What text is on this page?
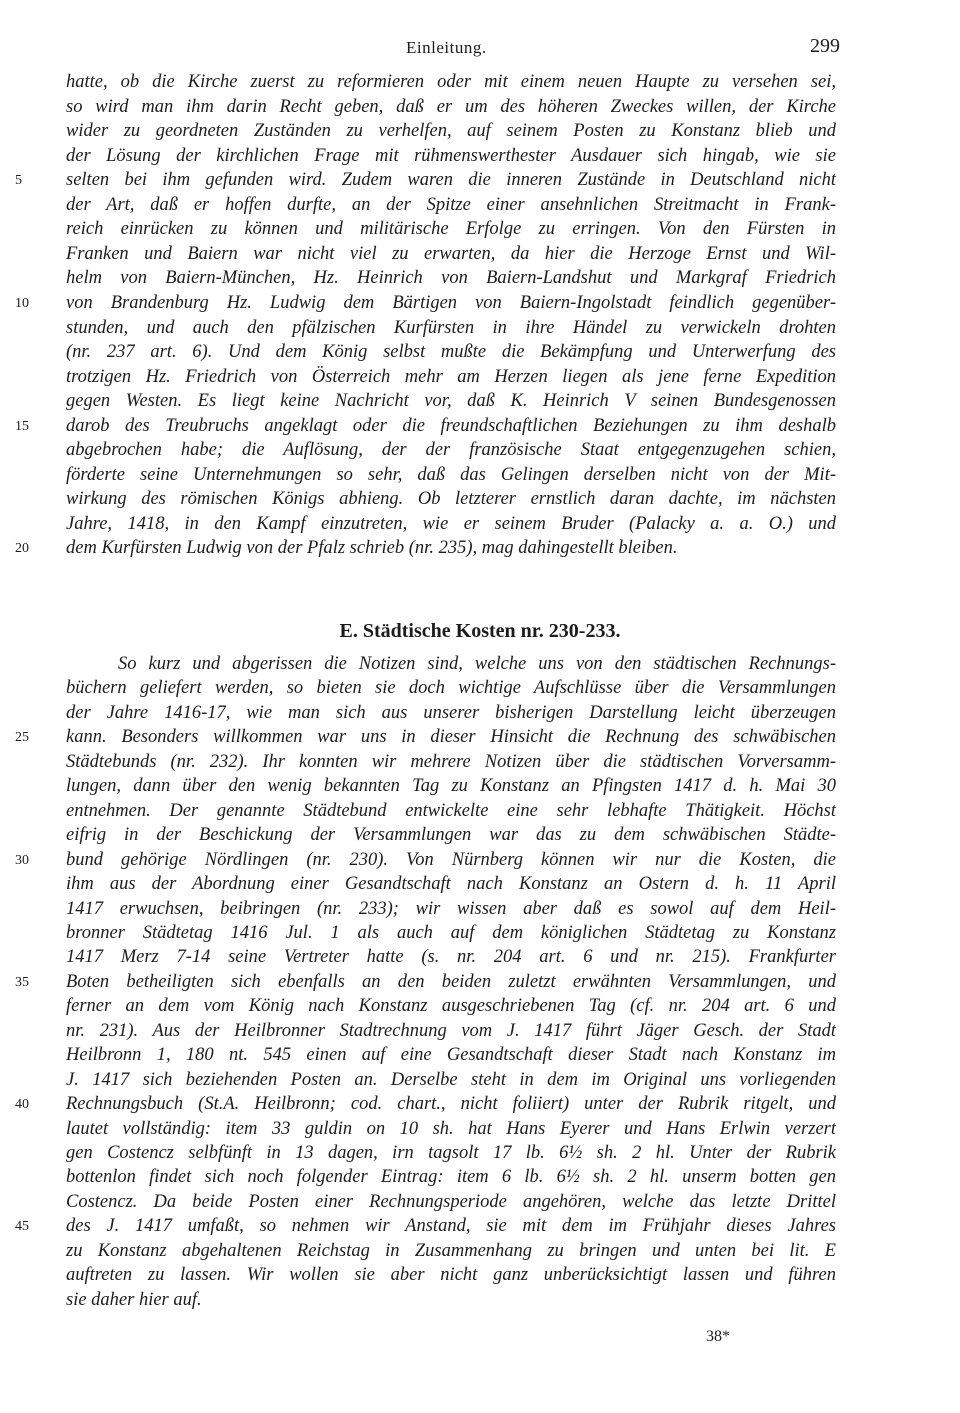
Einleitung.	299
hatte, ob die Kirche zuerst zu reformieren oder mit einem neuen Haupte zu versehen sei,
so wird man ihm darin Recht geben, daß er um des höheren Zweckes willen, der Kirche
wider zu geordneten Zuständen zu verhelfen, auf seinem Posten zu Konstanz blieb und
der Lösung der kirchlichen Frage mit rühmenswerthester Ausdauer sich hingab, wie sie
selten bei ihm gefunden wird. Zudem waren die inneren Zustände in Deutschland nicht
der Art, daß er hoffen durfte, an der Spitze einer ansehnlichen Streitmacht in Frank-
reich einrücken zu können und militärische Erfolge zu erringen. Von den Fürsten in
Franken und Baiern war nicht viel zu erwarten, da hier die Herzoge Ernst und Wil-
helm von Baiern-München, Hz. Heinrich von Baiern-Landshut und Markgraf Friedrich
von Brandenburg Hz. Ludwig dem Bärtigen von Baiern-Ingolstadt feindlich gegenüber-
stunden, und auch den pfälzischen Kurfürsten in ihre Händel zu verwickeln drohten
(nr. 237 art. 6). Und dem König selbst mußte die Bekämpfung und Unterwerfung des
trotzigen Hz. Friedrich von Österreich mehr am Herzen liegen als jene ferne Expedition
gegen Westen. Es liegt keine Nachricht vor, daß K. Heinrich V seinen Bundesgenossen
darob des Treubruchs angeklagt oder die freundschaftlichen Beziehungen zu ihm deshalb
abgebrochen habe; die Auflösung, der der französische Staat entgegenzugehen schien,
förderte seine Unternehmungen so sehr, daß das Gelingen derselben nicht von der Mit-
wirkung des römischen Königs abhieng. Ob letzterer ernstlich daran dachte, im nächsten
Jahre, 1418, in den Kampf einzutreten, wie er seinem Bruder (Palacky a. a. O.) und
dem Kurfürsten Ludwig von der Pfalz schrieb (nr. 235), mag dahingestellt bleiben.
E. Städtische Kosten nr. 230-233.
So kurz und abgerissen die Notizen sind, welche uns von den städtischen Rechnungs-
büchern geliefert werden, so bieten sie doch wichtige Aufschlüsse über die Versammlungen
der Jahre 1416-17, wie man sich aus unserer bisherigen Darstellung leicht überzeugen
kann. Besonders willkommen war uns in dieser Hinsicht die Rechnung des schwäbischen
Städtebunds (nr. 232). Ihr konnten wir mehrere Notizen über die städtischen Vorversamm-
lungen, dann über den wenig bekannten Tag zu Konstanz an Pfingsten 1417 d. h. Mai 30
entnehmen. Der genannte Städtebund entwickelte eine sehr lebhafte Thätigkeit. Höchst
eifrig in der Beschickung der Versammlungen war das zu dem schwäbischen Städte-
bund gehörige Nördlingen (nr. 230). Von Nürnberg können wir nur die Kosten, die
ihm aus der Abordnung einer Gesandtschaft nach Konstanz an Ostern d. h. 11 April
1417 erwuchsen, beibringen (nr. 233); wir wissen aber daß es sowol auf dem Heil-
bronner Städtetag 1416 Jul. 1 als auch auf dem königlichen Städtetag zu Konstanz
1417 Merz 7-14 seine Vertreter hatte (s. nr. 204 art. 6 und nr. 215). Frankfurter
Boten betheiligten sich ebenfalls an den beiden zuletzt erwähnten Versammlungen, und
ferner an dem vom König nach Konstanz ausgeschriebenen Tag (cf. nr. 204 art. 6 und
nr. 231). Aus der Heilbronner Stadtrechnung vom J. 1417 führt Jäger Gesch. der Stadt
Heilbronn 1, 180 nt. 545 einen auf eine Gesandtschaft dieser Stadt nach Konstanz im
J. 1417 sich beziehenden Posten an. Derselbe steht in dem im Original uns vorliegenden
Rechnungsbuch (St.A. Heilbronn; cod. chart., nicht foliiert) unter der Rubrik ritgelt, und
lautet vollständig: item 33 guldin on 10 sh. hat Hans Eyerer und Hans Erlwin verzert
gen Costencz selbfünft in 13 dagen, irn tagsolt 17 lb. 6½ sh. 2 hl. Unter der Rubrik
bottenlon findet sich noch folgender Eintrag: item 6 lb. 6½ sh. 2 hl. unserm botten gen
Costencz. Da beide Posten einer Rechnungsperiode angehören, welche das letzte Drittel
des J. 1417 umfaßt, so nehmen wir Anstand, sie mit dem im Frühjahr dieses Jahres
zu Konstanz abgehaltenen Reichstag in Zusammenhang zu bringen und unten bei lit. E
auftreten zu lassen. Wir wollen sie aber nicht ganz unberücksichtigt lassen und führen
sie daher hier auf.
5
10
15
20
25
30
35
40
45
38*
